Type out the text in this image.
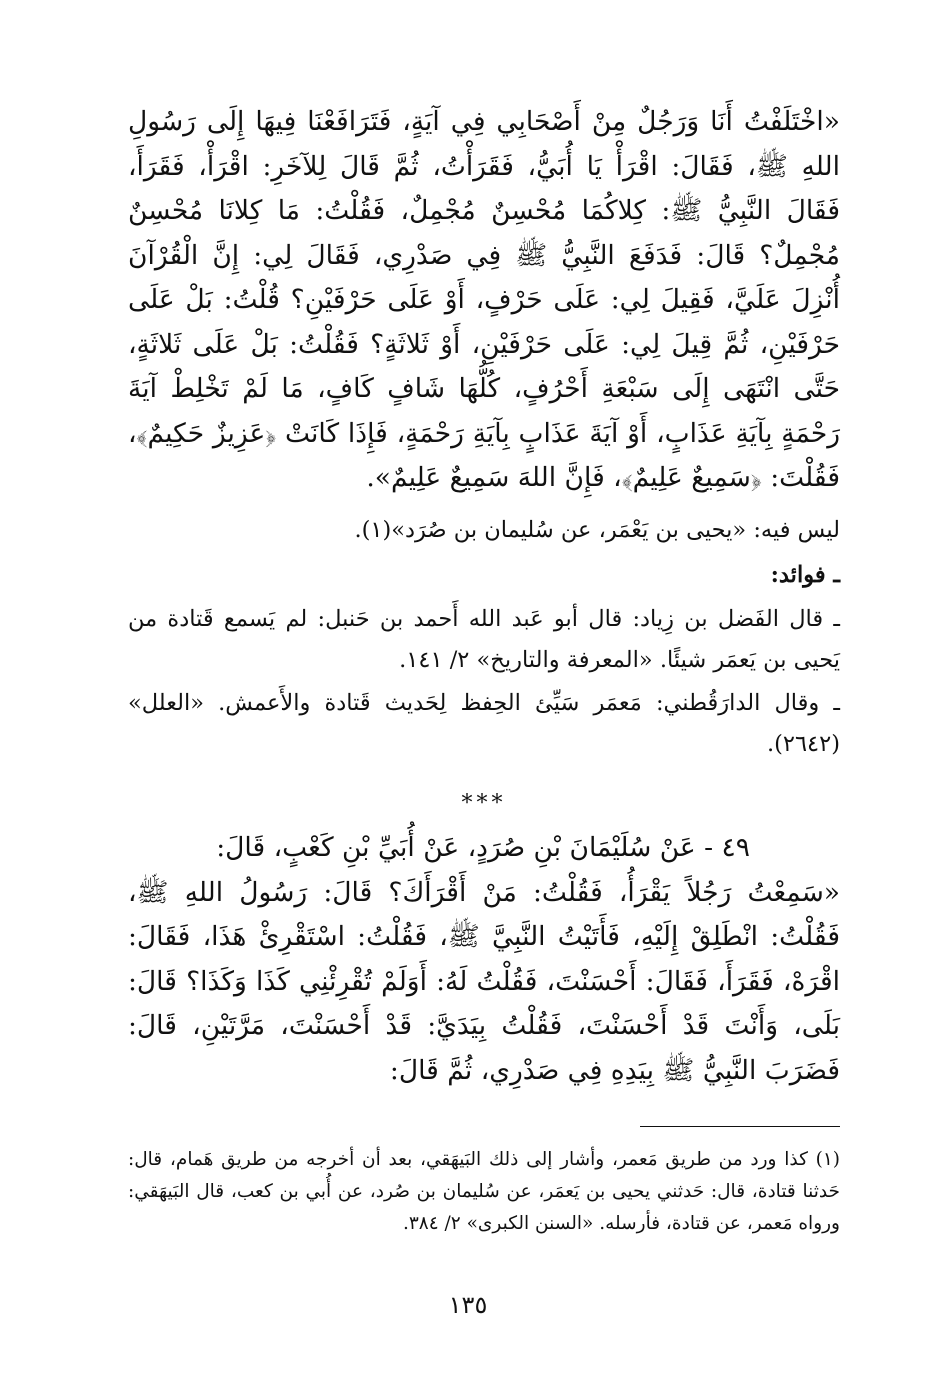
«اخْتَلَفْتُ أَنَا وَرَجُلٌ مِنْ أَصْحَابِي فِي آيَةٍ، فَتَرَافَعْنَا فِيهَا إِلَى رَسُولِ اللهِ ﷺ، فَقَالَ: اقْرَأْ يَا أُبَيُّ، فَقَرَأْتُ، ثُمَّ قَالَ لِلآخَرِ: اقْرَأْ، فَقَرَأَ، فَقَالَ النَّبِيُّ ﷺ: كِلاكُمَا مُحْسِنٌ مُجْمِلٌ، فَقُلْتُ: مَا كِلانَا مُحْسِنٌ مُجْمِلٌ؟ قَالَ: فَدَفَعَ النَّبِيُّ ﷺ فِي صَدْرِي، فَقَالَ لِي: إِنَّ الْقُرْآنَ أُنْزِلَ عَلَيَّ، فَقِيلَ لِي: عَلَى حَرْفٍ، أَوْ عَلَى حَرْفَيْنِ؟ قُلْتُ: بَلْ عَلَى حَرْفَيْنِ، ثُمَّ قِيلَ لِي: عَلَى حَرْفَيْنِ، أَوْ ثَلاثَةٍ؟ فَقُلْتُ: بَلْ عَلَى ثَلاثَةٍ، حَتَّى انْتَهَى إِلَى سَبْعَةِ أَحْرُفٍ، كُلُّهَا شَافٍ كَافٍ، مَا لَمْ تَخْلِطْ آيَةَ رَحْمَةٍ بِآيَةِ عَذَابٍ، أَوْ آيَةَ عَذَابٍ بِآيَةِ رَحْمَةٍ، فَإِذَا كَانَتْ ﴿عَزِيزٌ حَكِيمٌ﴾، فَقُلْتَ: ﴿سَمِيعٌ عَلِيمٌ﴾، فَإِنَّ اللهَ سَمِيعٌ عَلِيمٌ».

ليس فيه: «يحيى بن يَعْمَر، عن سُليمان بن صُرَد»(١).

ـ فوائد:

ـ قال الفَضل بن زِياد: قال أبو عَبد الله أَحمد بن حَنبل: لم يَسمع قَتادة من يَحيى بن يَعمَر شيئًا. «المعرفة والتاريخ» ٢/ ١٤١.

ـ وقال الدارَقُطني: مَعمَر سَيِّئ الحِفظ لِحَديث قَتادة والأَعمش. «العلل» (٢٦٤٢).

***

٤٩ - عَنْ سُلَيْمَانَ بْنِ صُرَدٍ، عَنْ أُبَيِّ بْنِ كَعْبٍ، قَالَ:

«سَمِعْتُ رَجُلاً يَقْرَأُ، فَقُلْتُ: مَنْ أَقْرَأَكَ؟ قَالَ: رَسُولُ اللهِ ﷺ، فَقُلْتُ: انْطَلِقْ إِلَيْهِ، فَأَتَيْتُ النَّبِيَّ ﷺ، فَقُلْتُ: اسْتَقْرِئْ هَذَا، فَقَالَ: اقْرَهْ، فَقَرَأَ، فَقَالَ: أَحْسَنْتَ، فَقُلْتُ لَهُ: أَوَلَمْ تُقْرِئْنِي كَذَا وَكَذَا؟ قَالَ: بَلَى، وَأَنْتَ قَدْ أَحْسَنْتَ، فَقُلْتُ بِيَدَيَّ: قَدْ أَحْسَنْتَ، مَرَّتَيْنِ، قَالَ: فَضَرَبَ النَّبِيُّ ﷺ بِيَدِهِ فِي صَدْرِي، ثُمَّ قَالَ:

(١) كذا ورد من طريق مَعمر، وأشار إلى ذلك البَيهَقي، بعد أن أخرجه من طريق هَمام، قال: حَدثنا قتادة، قال: حَدثني يحيى بن يَعمَر، عن سُليمان بن صُرد، عن أُبي بن كعب، قال البَيهَقي: ورواه مَعمر، عن قتادة، فأرسله. «السنن الكبرى» ٢/ ٣٨٤.

١٣٥
